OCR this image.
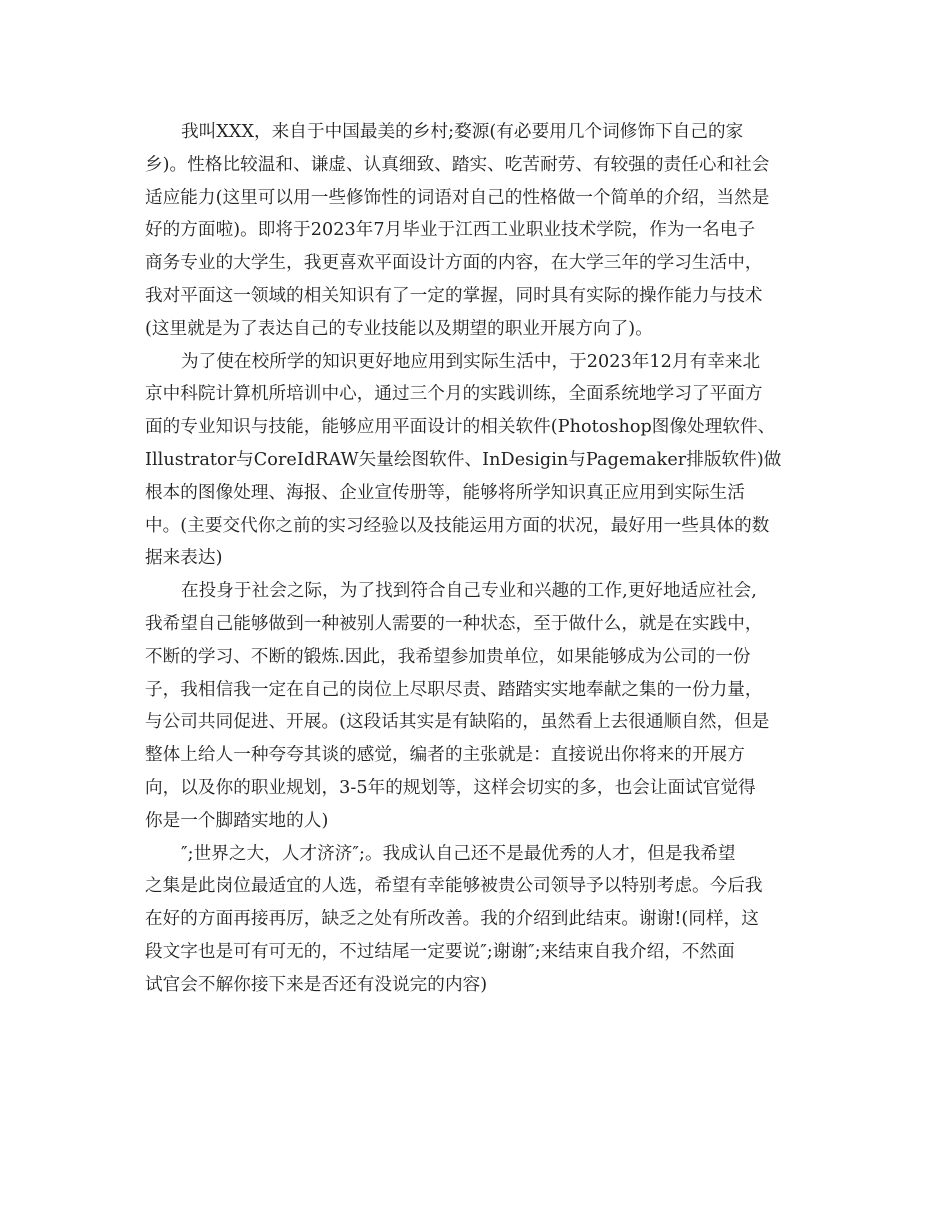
我叫XXX，来自于中国最美的乡村;婺源(有必要用几个词修饰下自己的家
乡)。性格比较温和、谦虚、认真细致、踏实、吃苦耐劳、有较强的责任心和社会
适应能力(这里可以用一些修饰性的词语对自己的性格做一个简单的介绍，当然是
好的方面啦)。即将于2023年7月毕业于江西工业职业技术学院，作为一名电子
商务专业的大学生，我更喜欢平面设计方面的内容，在大学三年的学习生活中，
我对平面这一领域的相关知识有了一定的掌握，同时具有实际的操作能力与技术
(这里就是为了表达自己的专业技能以及期望的职业开展方向了)。
为了使在校所学的知识更好地应用到实际生活中，于2023年12月有幸来北
京中科院计算机所培训中心，通过三个月的实践训练，全面系统地学习了平面方
面的专业知识与技能，能够应用平面设计的相关软件(Photoshop图像处理软件、
Illustrator与CoreIdRAW矢量绘图软件、InDesigin与Pagemaker排版软件)做
根本的图像处理、海报、企业宣传册等，能够将所学知识真正应用到实际生活
中。(主要交代你之前的实习经验以及技能运用方面的状况，最好用一些具体的数
据来表达)
在投身于社会之际，为了找到符合自己专业和兴趣的工作,更好地适应社会,
我希望自己能够做到一种被别人需要的一种状态，至于做什么，就是在实践中，
不断的学习、不断的锻炼.因此，我希望参加贵单位，如果能够成为公司的一份
子，我相信我一定在自己的岗位上尽职尽责、踏踏实实地奉献之集的一份力量，
与公司共同促进、开展。(这段话其实是有缺陷的，虽然看上去很通顺自然，但是
整体上给人一种夸夸其谈的感觉，编者的主张就是：直接说出你将来的开展方
向，以及你的职业规划，3-5年的规划等，这样会切实的多，也会让面试官觉得
你是一个脚踏实地的人)
″;世界之大，人才济济″;。我成认自己还不是最优秀的人才，但是我希望
之集是此岗位最适宜的人选，希望有幸能够被贵公司领导予以特别考虑。今后我
在好的方面再接再厉，缺乏之处有所改善。我的介绍到此结束。谢谢!(同样，这
段文字也是可有可无的，不过结尾一定要说″;谢谢″;来结束自我介绍，不然面
试官会不解你接下来是否还有没说完的内容)
